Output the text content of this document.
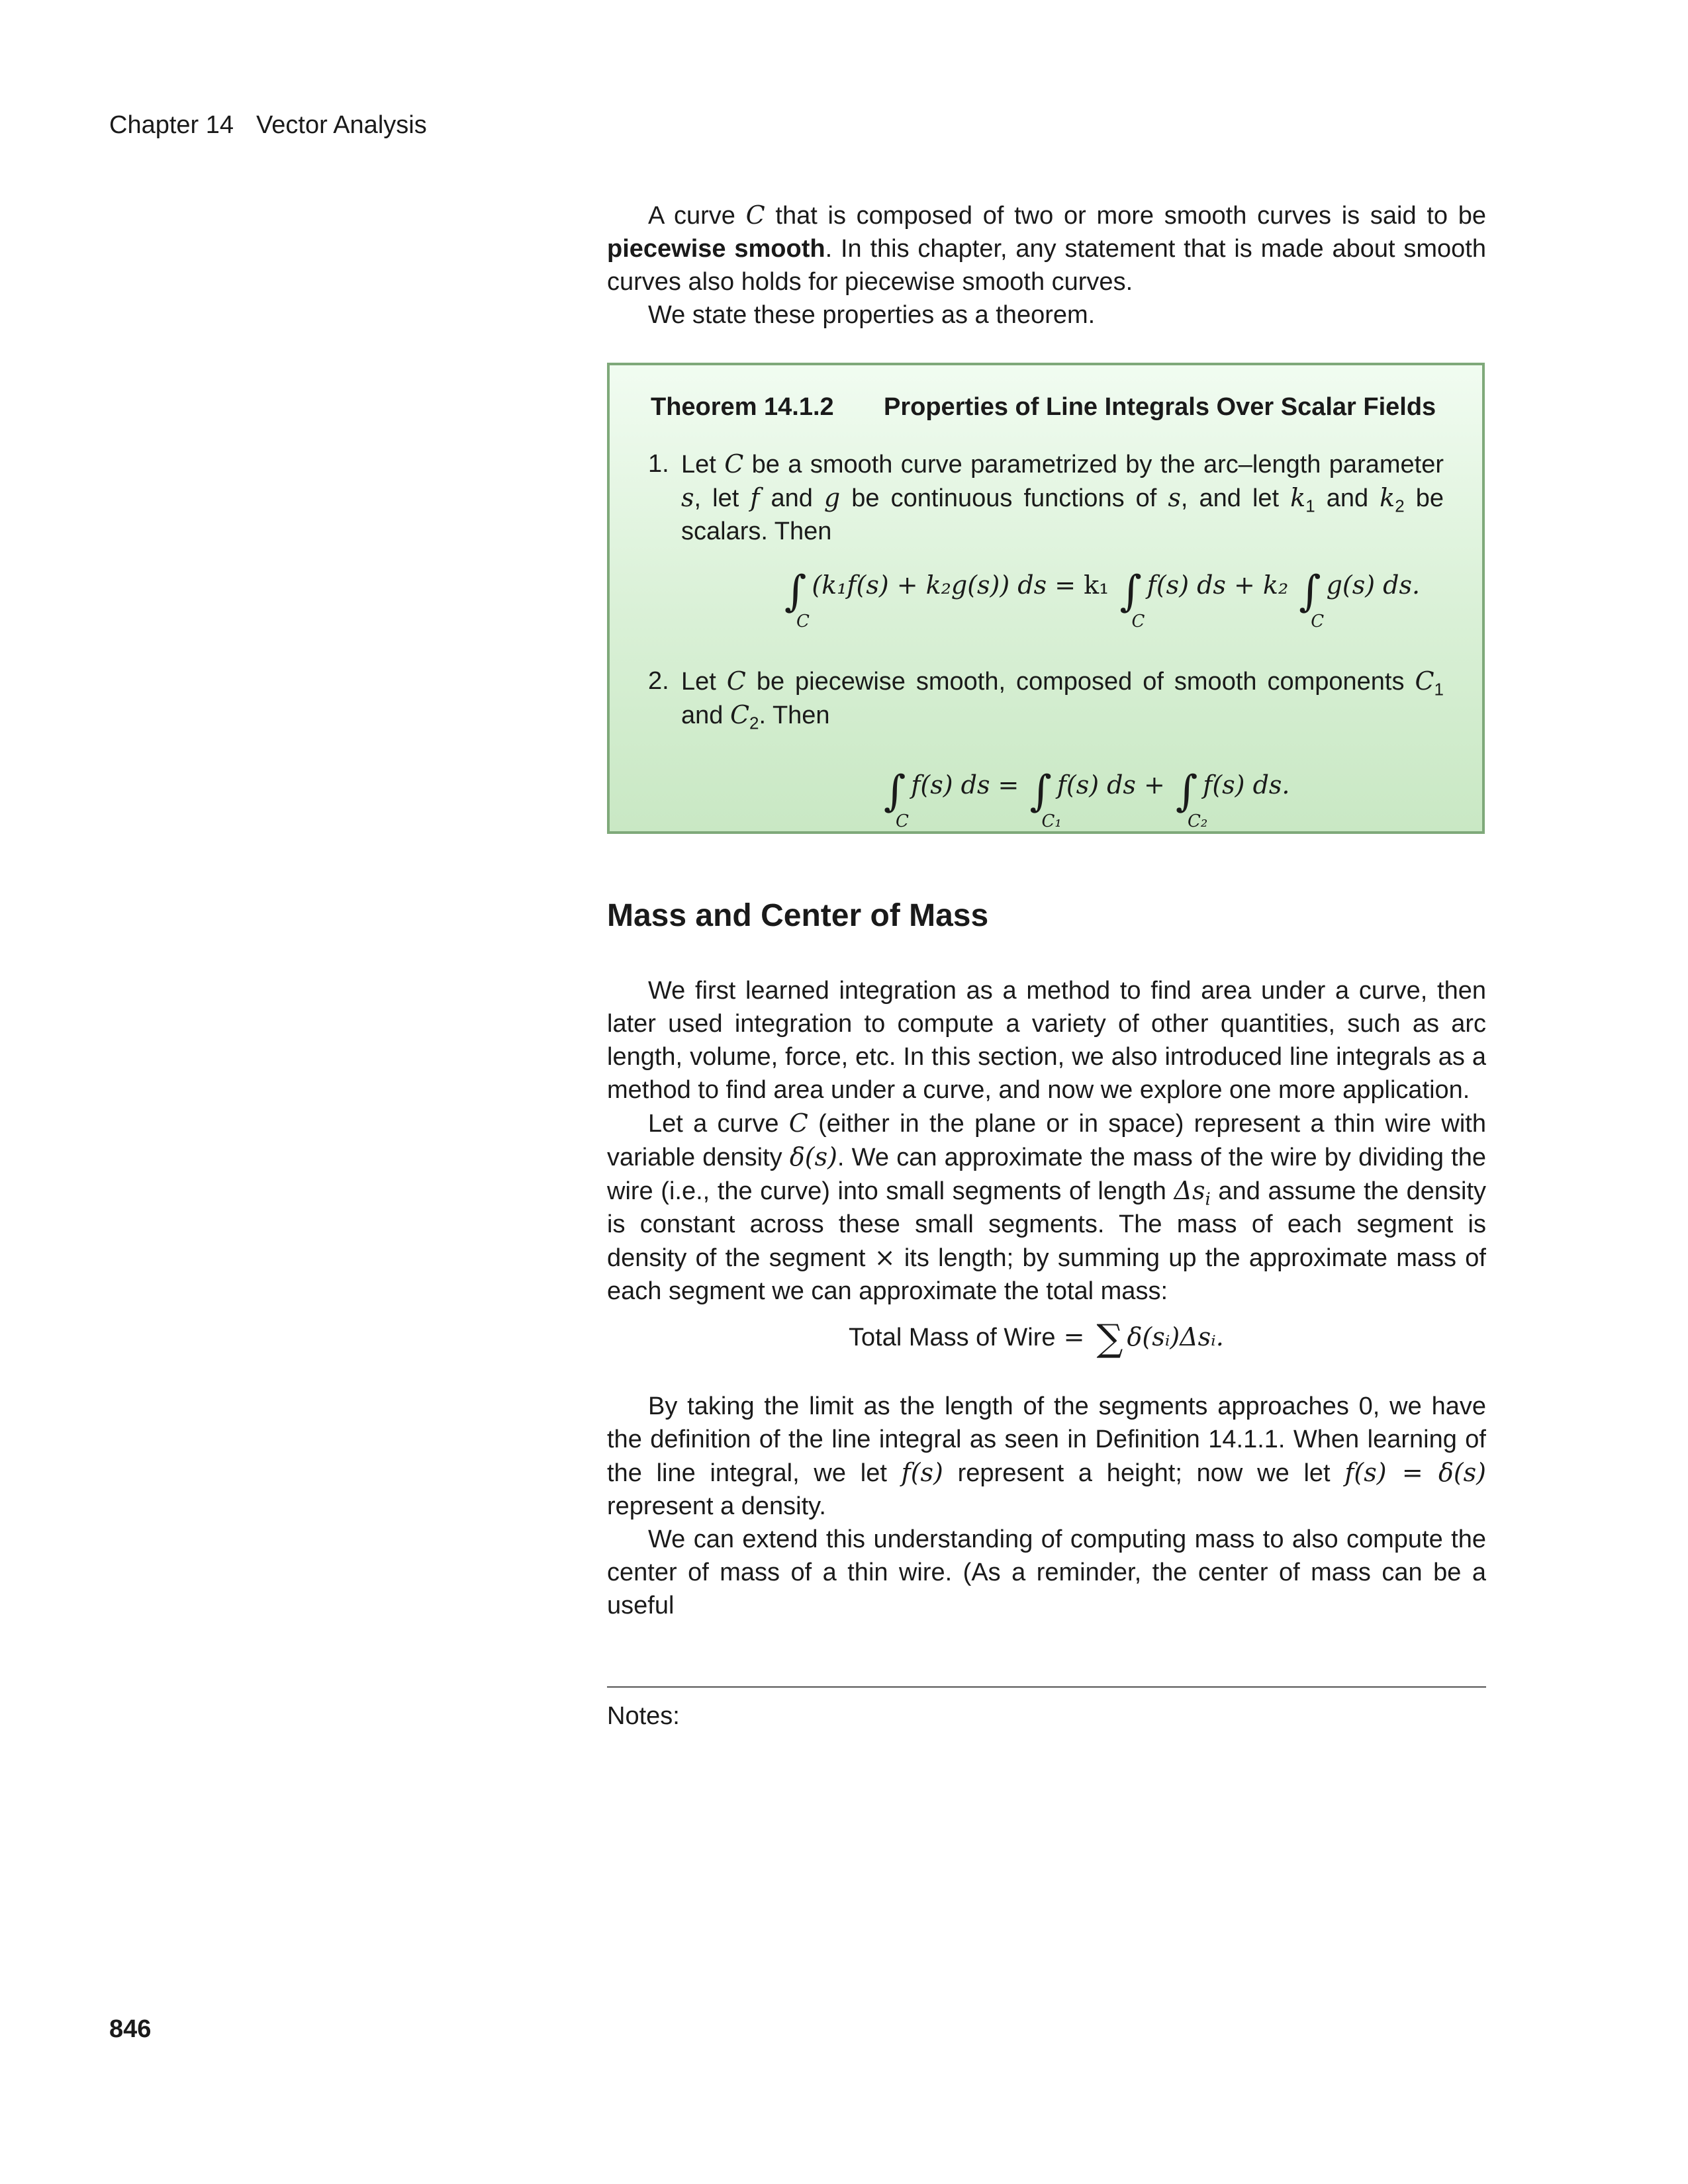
Chapter 14 Vector Analysis

A curve C that is composed of two or more smooth curves is said to be piecewise smooth. In this chapter, any statement that is made about smooth curves also holds for piecewise smooth curves.

We state these properties as a theorem.

Theorem 14.1.2 Properties of Line Integrals Over Scalar Fields
1. Let C be a smooth curve parametrized by the arc–length parameter s, let f and g be continuous functions of s, and let $k_1$ and $k_2$ be scalars. Then
∫
C
(k₁f(s) + k₂g(s)) ds = k₁ ∫
C
f(s) ds + k₂ ∫
C
g(s) ds.
2. Let C be piecewise smooth, composed of smooth components $C_1$ and $C_2$. Then
∫
C
f(s) ds = ∫
C₁
f(s) ds + ∫
C₂
f(s) ds.
Mass and Center of Mass

We first learned integration as a method to find area under a curve, then later used integration to compute a variety of other quantities, such as arc length, volume, force, etc. In this section, we also introduced line integrals as a method to find area under a curve, and now we explore one more application.

Let a curve C (either in the plane or in space) represent a thin wire with variable density δ(s). We can approximate the mass of the wire by dividing the wire (i.e., the curve) into small segments of length $\Delta s_i$ and assume the density is constant across these small segments. The mass of each segment is density of the segment × its length; by summing up the approximate mass of each segment we can approximate the total mass:

Total Mass of Wire = ∑ δ(sᵢ)Δsᵢ.

By taking the limit as the length of the segments approaches 0, we have the definition of the line integral as seen in Definition 14.1.1. When learning of the line integral, we let f(s) represent a height; now we let f(s) = δ(s) represent a density.

We can extend this understanding of computing mass to also compute the center of mass of a thin wire. (As a reminder, the center of mass can be a useful

Notes:
846
